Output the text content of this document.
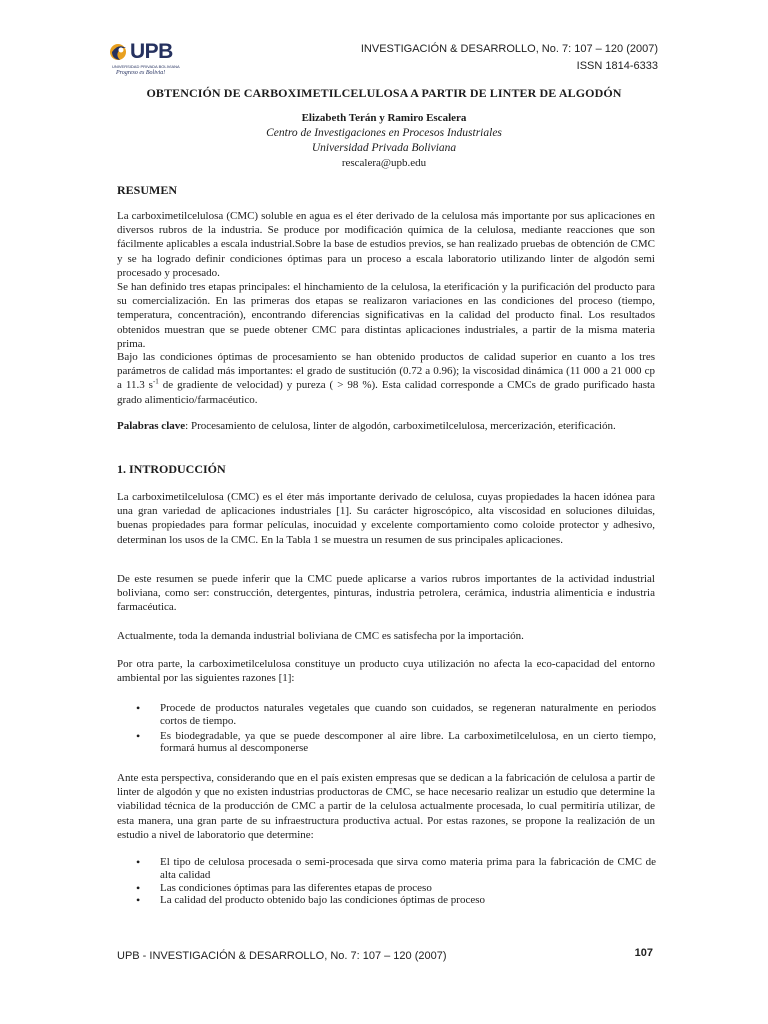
UPB
UNIVERSIDAD PRIVADA BOLIVIANA
Progreso es Bolivia!
INVESTIGACIÓN & DESARROLLO, No. 7: 107 – 120 (2007)
ISSN 1814-6333
OBTENCIÓN DE CARBOXIMETILCELULOSA A PARTIR DE LINTER DE ALGODÓN
Elizabeth Terán y Ramiro Escalera
Centro de Investigaciones en Procesos Industriales
Universidad Privada Boliviana
rescalera@upb.edu
RESUMEN

La carboximetilcelulosa (CMC) soluble en agua es el éter derivado de la celulosa más importante por sus aplicaciones en diversos rubros de la industria. Se produce por modificación química de la celulosa, mediante reacciones que son fácilmente aplicables a escala industrial.Sobre la base de estudios previos, se han realizado pruebas de obtención de CMC y se ha logrado definir condiciones óptimas para un proceso a escala laboratorio utilizando linter de algodón semi procesado y procesado.

Se han definido tres etapas principales: el hinchamiento de la celulosa, la eterificación y la purificación del producto para su comercialización. En las primeras dos etapas se realizaron variaciones en las condiciones del proceso (tiempo, temperatura, concentración), encontrando diferencias significativas en la calidad del producto final. Los resultados obtenidos muestran que se puede obtener CMC para distintas aplicaciones industriales, a partir de la misma materia prima.

Bajo las condiciones óptimas de procesamiento se han obtenido productos de calidad superior en cuanto a los tres parámetros de calidad más importantes: el grado de sustitución (0.72 a 0.96); la viscosidad dinámica (11 000 a 21 000 cp a 11.3 $s^{-1}$ de gradiente de velocidad) y pureza ( > 98 %). Esta calidad corresponde a CMCs de grado purificado hasta grado alimenticio/farmacéutico.

Palabras clave: Procesamiento de celulosa, linter de algodón, carboximetilcelulosa, mercerización, eterificación.

1. INTRODUCCIÓN

La carboximetilcelulosa (CMC) es el éter más importante derivado de celulosa, cuyas propiedades la hacen idónea para una gran variedad de aplicaciones industriales [1]. Su carácter higroscópico, alta viscosidad en soluciones diluidas, buenas propiedades para formar películas, inocuidad y excelente comportamiento como coloide protector y adhesivo, determinan los usos de la CMC. En la Tabla 1 se muestra un resumen de sus principales aplicaciones.

De este resumen se puede inferir que la CMC puede aplicarse a varios rubros importantes de la actividad industrial boliviana, como ser: construcción, detergentes, pinturas, industria petrolera, cerámica, industria alimenticia e industria farmacéutica.

Actualmente, toda la demanda industrial boliviana de CMC es satisfecha por la importación.

Por otra parte, la carboximetilcelulosa constituye un producto cuya utilización no afecta la eco-capacidad del entorno ambiental por las siguientes razones [1]:

• Procede de productos naturales vegetales que cuando son cuidados, se regeneran naturalmente en periodos cortos de tiempo.
• Es biodegradable, ya que se puede descomponer al aire libre. La carboximetilcelulosa, en un cierto tiempo, formará humus al descomponerse

Ante esta perspectiva, considerando que en el país existen empresas que se dedican a la fabricación de celulosa a partir de linter de algodón y que no existen industrias productoras de CMC, se hace necesario realizar un estudio que determine la viabilidad técnica de la producción de CMC a partir de la celulosa actualmente procesada, lo cual permitiría utilizar, de esta manera, una gran parte de su infraestructura productiva actual. Por estas razones, se propone la realización de un estudio a nivel de laboratorio que determine:

• El tipo de celulosa procesada o semi-procesada que sirva como materia prima para la fabricación de CMC de alta calidad
• Las condiciones óptimas para las diferentes etapas de proceso
• La calidad del producto obtenido bajo las condiciones óptimas de proceso
UPB - INVESTIGACIÓN & DESARROLLO, No. 7: 107 – 120 (2007)	107
